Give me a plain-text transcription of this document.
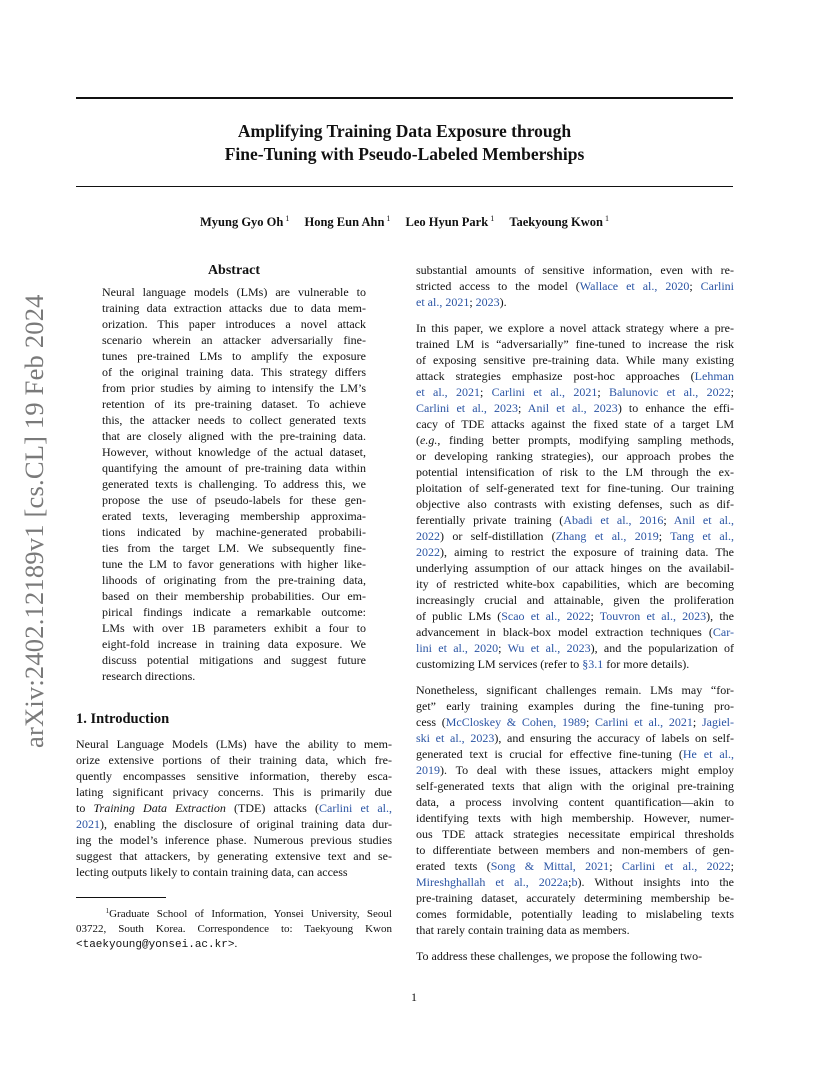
Amplifying Training Data Exposure through
Fine-Tuning with Pseudo-Labeled Memberships
Myung Gyo Oh $^1$ Hong Eun Ahn $^1$ Leo Hyun Park $^1$ Taekyoung Kwon $^1$
arXiv:2402.12189v1 [cs.CL] 19 Feb 2024
Abstract
Neural language models (LMs) are vulnerable to
training data extraction attacks due to data mem-
orization. This paper introduces a novel attack
scenario wherein an attacker adversarially fine-
tunes pre-trained LMs to amplify the exposure
of the original training data. This strategy differs
from prior studies by aiming to intensify the LM’s
retention of its pre-training dataset. To achieve
this, the attacker needs to collect generated texts
that are closely aligned with the pre-training data.
However, without knowledge of the actual dataset,
quantifying the amount of pre-training data within
generated texts is challenging. To address this, we
propose the use of pseudo-labels for these gen-
erated texts, leveraging membership approxima-
tions indicated by machine-generated probabili-
ties from the target LM. We subsequently fine-
tune the LM to favor generations with higher like-
lihoods of originating from the pre-training data,
based on their membership probabilities. Our em-
pirical findings indicate a remarkable outcome:
LMs with over 1B parameters exhibit a four to
eight-fold increase in training data exposure. We
discuss potential mitigations and suggest future
research directions.
1. Introduction
Neural Language Models (LMs) have the ability to mem-
orize extensive portions of their training data, which fre-
quently encompasses sensitive information, thereby esca-
lating significant privacy concerns. This is primarily due
to Training Data Extraction (TDE) attacks (Carlini et al.,
2021), enabling the disclosure of original training data dur-
ing the model’s inference phase. Numerous previous studies
suggest that attackers, by generating extensive text and se-
lecting outputs likely to contain training data, can access
substantial amounts of sensitive information, even with re-
stricted access to the model (Wallace et al., 2020; Carlini
et al., 2021; 2023).
In this paper, we explore a novel attack strategy where a pre-
trained LM is “adversarially” fine-tuned to increase the risk
of exposing sensitive pre-training data. While many existing
attack strategies emphasize post-hoc approaches (Lehman
et al., 2021; Carlini et al., 2021; Balunovic et al., 2022;
Carlini et al., 2023; Anil et al., 2023) to enhance the effi-
cacy of TDE attacks against the fixed state of a target LM
(e.g., finding better prompts, modifying sampling methods,
or developing ranking strategies), our approach probes the
potential intensification of risk to the LM through the ex-
ploitation of self-generated text for fine-tuning. Our training
objective also contrasts with existing defenses, such as dif-
ferentially private training (Abadi et al., 2016; Anil et al.,
2022) or self-distillation (Zhang et al., 2019; Tang et al.,
2022), aiming to restrict the exposure of training data. The
underlying assumption of our attack hinges on the availabil-
ity of restricted white-box capabilities, which are becoming
increasingly crucial and attainable, given the proliferation
of public LMs (Scao et al., 2022; Touvron et al., 2023), the
advancement in black-box model extraction techniques (Car-
lini et al., 2020; Wu et al., 2023), and the popularization of
customizing LM services (refer to §3.1 for more details).
Nonetheless, significant challenges remain. LMs may “for-
get” early training examples during the fine-tuning pro-
cess (McCloskey & Cohen, 1989; Carlini et al., 2021; Jagiel-
ski et al., 2023), and ensuring the accuracy of labels on self-
generated text is crucial for effective fine-tuning (He et al.,
2019). To deal with these issues, attackers might employ
self-generated texts that align with the original pre-training
data, a process involving content quantification—akin to
identifying texts with high membership. However, numer-
ous TDE attack strategies necessitate empirical thresholds
to differentiate between members and non-members of gen-
erated texts (Song & Mittal, 2021; Carlini et al., 2022;
Mireshghallah et al., 2022a;b). Without insights into the
pre-training dataset, accurately determining membership be-
comes formidable, potentially leading to mislabeling texts
that rarely contain training data as members.
To address these challenges, we propose the following two-
$^1$Graduate School of Information, Yonsei University, Seoul
03722, South Korea. Correspondence to: Taekyoung Kwon
<taekyoung@yonsei.ac.kr>.
1
